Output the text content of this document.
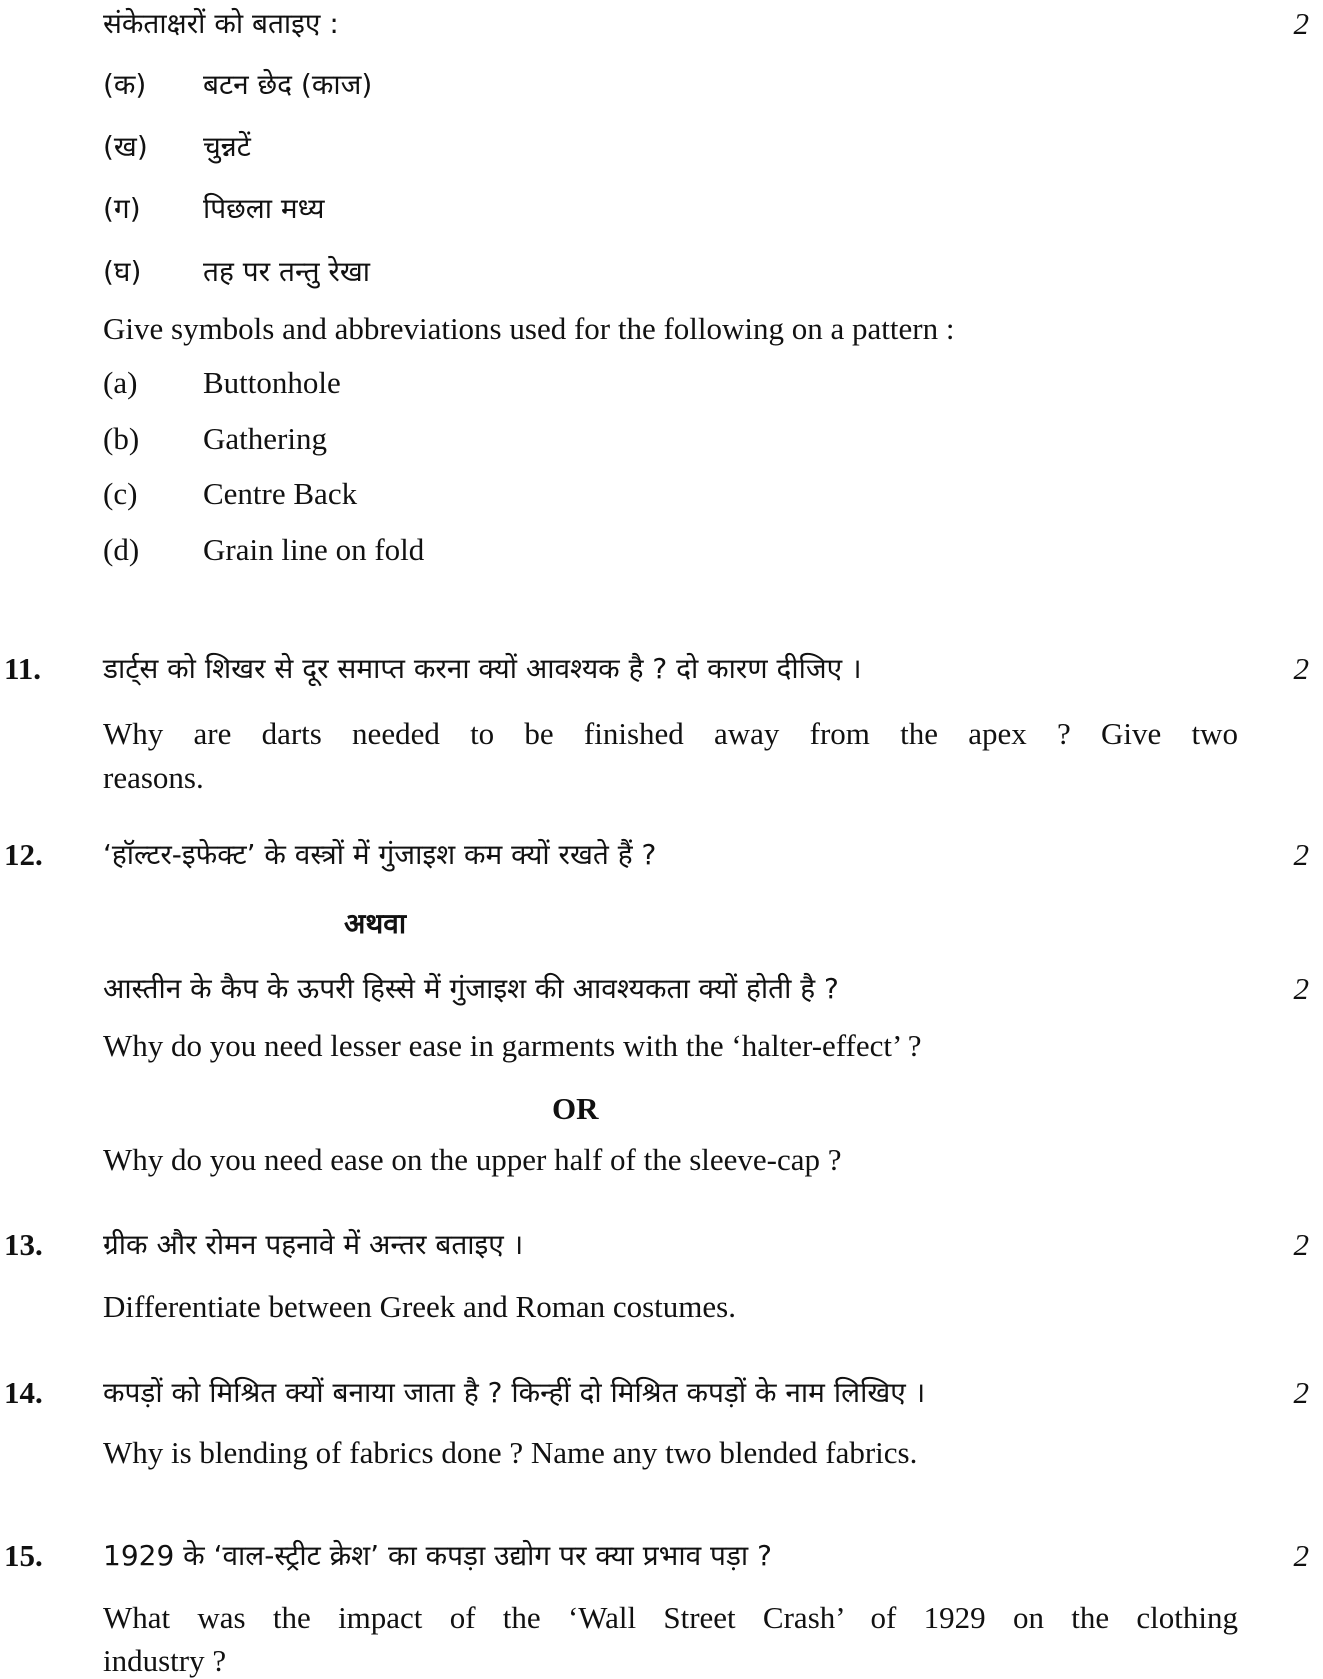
संकेताक्षरों को बताइए :	2
(क) बटन छेद (काज)
(ख) चुन्नटें
(ग) पिछला मध्य
(घ) तह पर तन्तु रेखा
Give symbols and abbreviations used for the following on a pattern :
(a) Buttonhole
(b) Gathering
(c) Centre Back
(d) Grain line on fold
11. डार्ट्स को शिखर से दूर समाप्त करना क्यों आवश्यक है ? दो कारण दीजिए ।	2
Why are darts needed to be finished away from the apex ? Give two
reasons.
12. ‘हॉल्टर-इफेक्ट’ के वस्त्रों में गुंजाइश कम क्यों रखते हैं ?	2
अथवा
आस्तीन के कैप के ऊपरी हिस्से में गुंजाइश की आवश्यकता क्यों होती है ?	2
Why do you need lesser ease in garments with the ‘halter-effect’ ?
OR
Why do you need ease on the upper half of the sleeve-cap ?
13. ग्रीक और रोमन पहनावे में अन्तर बताइए ।	2
Differentiate between Greek and Roman costumes.
14. कपड़ों को मिश्रित क्यों बनाया जाता है ? किन्हीं दो मिश्रित कपड़ों के नाम लिखिए ।	2
Why is blending of fabrics done ? Name any two blended fabrics.
15. 1929 के ‘वाल-स्ट्रीट क्रेश’ का कपड़ा उद्योग पर क्या प्रभाव पड़ा ?	2
What was the impact of the ‘Wall Street Crash’ of 1929 on the clothing
industry ?
